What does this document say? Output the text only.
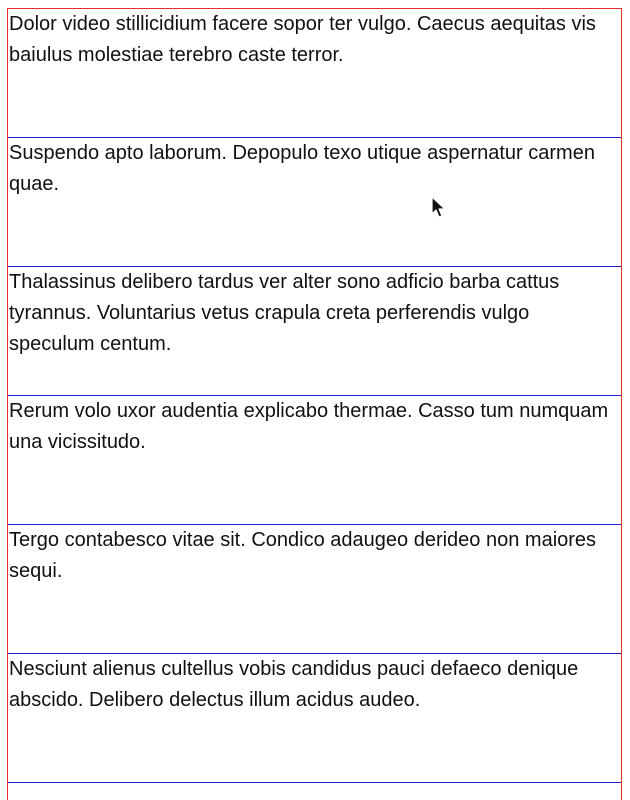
Dolor video stillicidium facere sopor ter vulgo. Caecus aequitas vis baiulus molestiae terebro caste terror.

Suspendo apto laborum. Depopulo texo utique aspernatur carmen quae.

Thalassinus delibero tardus ver alter sono adficio barba cattus tyrannus. Voluntarius vetus crapula creta perferendis vulgo speculum centum.

Rerum volo uxor audentia explicabo thermae. Casso tum numquam una vicissitudo.

Tergo contabesco vitae sit. Condico adaugeo derideo non maiores sequi.

Nesciunt alienus cultellus vobis candidus pauci defaeco denique abscido. Delibero delectus illum acidus audeo.
